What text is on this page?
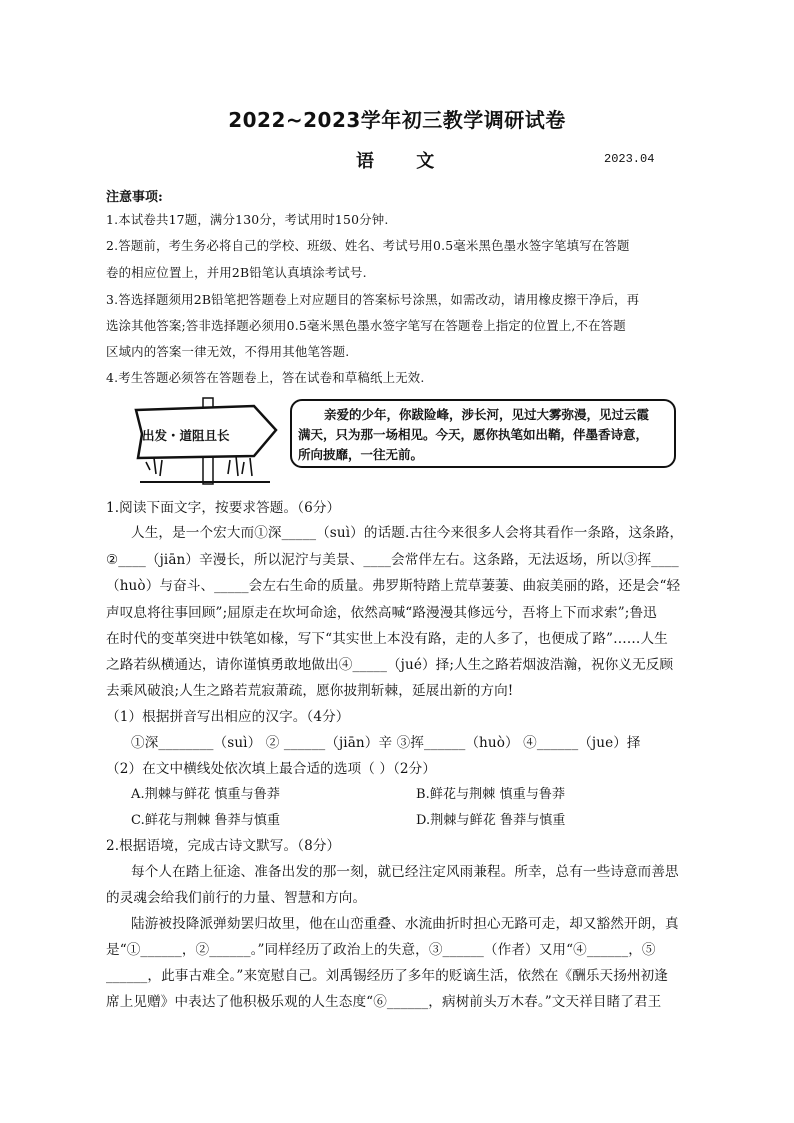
2022~2023学年初三教学调研试卷
语 文	2023.04
注意事项:
1.本试卷共17题，满分130分，考试用时150分钟.
2.答题前，考生务必将自己的学校、班级、姓名、考试号用0.5毫米黑色墨水签字笔填写在答题
卷的相应位置上，并用2B铅笔认真填涂考试号.
3.答选择题须用2B铅笔把答题卷上对应题目的答案标号涂黑，如需改动，请用橡皮擦干净后，再
选涂其他答案;答非选择题必须用0.5毫米黑色墨水签字笔写在答题卷上指定的位置上,不在答题
区域内的答案一律无效，不得用其他笔答题.
4.考生答题必须答在答题卷上，答在试卷和草稿纸上无效.
出发・道阻且长
亲爱的少年，你跋险峰，涉长河，见过大雾弥漫，见过云霞
满天，只为那一场相见。今天，愿你执笔如出鞘，伴墨香诗意，
所向披靡，一往无前。
1.阅读下面文字，按要求答题。（6分）
人生，是一个宏大而①深_____（suì）的话题.古往今来很多人会将其看作一条路，这条路，
②____（jiān）辛漫长，所以泥泞与美景、____会常伴左右。这条路，无法返场，所以③挥____
（huò）与奋斗、_____会左右生命的质量。弗罗斯特踏上荒草萋萋、曲寂美丽的路，还是会“轻
声叹息将往事回顾”;屈原走在坎坷命途，依然高喊“路漫漫其修远兮，吾将上下而求索”;鲁迅
在时代的变革突进中铁笔如椽，写下“其实世上本没有路，走的人多了，也便成了路”……人生
之路若纵横通达，请你谨慎勇敢地做出④_____（jué）择;人生之路若烟波浩瀚，祝你义无反顾
去乘风破浪;人生之路若荒寂萧疏，愿你披荆斩棘，延展出新的方向!
（1）根据拼音写出相应的汉字。（4分）
①深________（suì） ② ______（jiān）辛 ③挥______（huò） ④______（jue）择
（2）在文中横线处依次填上最合适的选项（ ）（2分）
A.荆棘与鲜花 慎重与鲁莽	B.鲜花与荆棘 慎重与鲁莽
C.鲜花与荆棘 鲁莽与慎重	D.荆棘与鲜花 鲁莽与慎重
2.根据语境，完成古诗文默写。（8分）
每个人在踏上征途、准备出发的那一刻，就已经注定风雨兼程。所幸，总有一些诗意而善思
的灵魂会给我们前行的力量、智慧和方向。
陆游被投降派弹劾罢归故里，他在山峦重叠、水流曲折时担心无路可走，却又豁然开朗，真
是“①______，②______。”同样经历了政治上的失意，③______（作者）又用“④______，⑤
______，此事古难全。”来宽慰自己。刘禹锡经历了多年的贬谪生活，依然在《酬乐天扬州初逢
席上见赠》中表达了他积极乐观的人生态度“⑥______，病树前头万木春。”文天祥目睹了君王
